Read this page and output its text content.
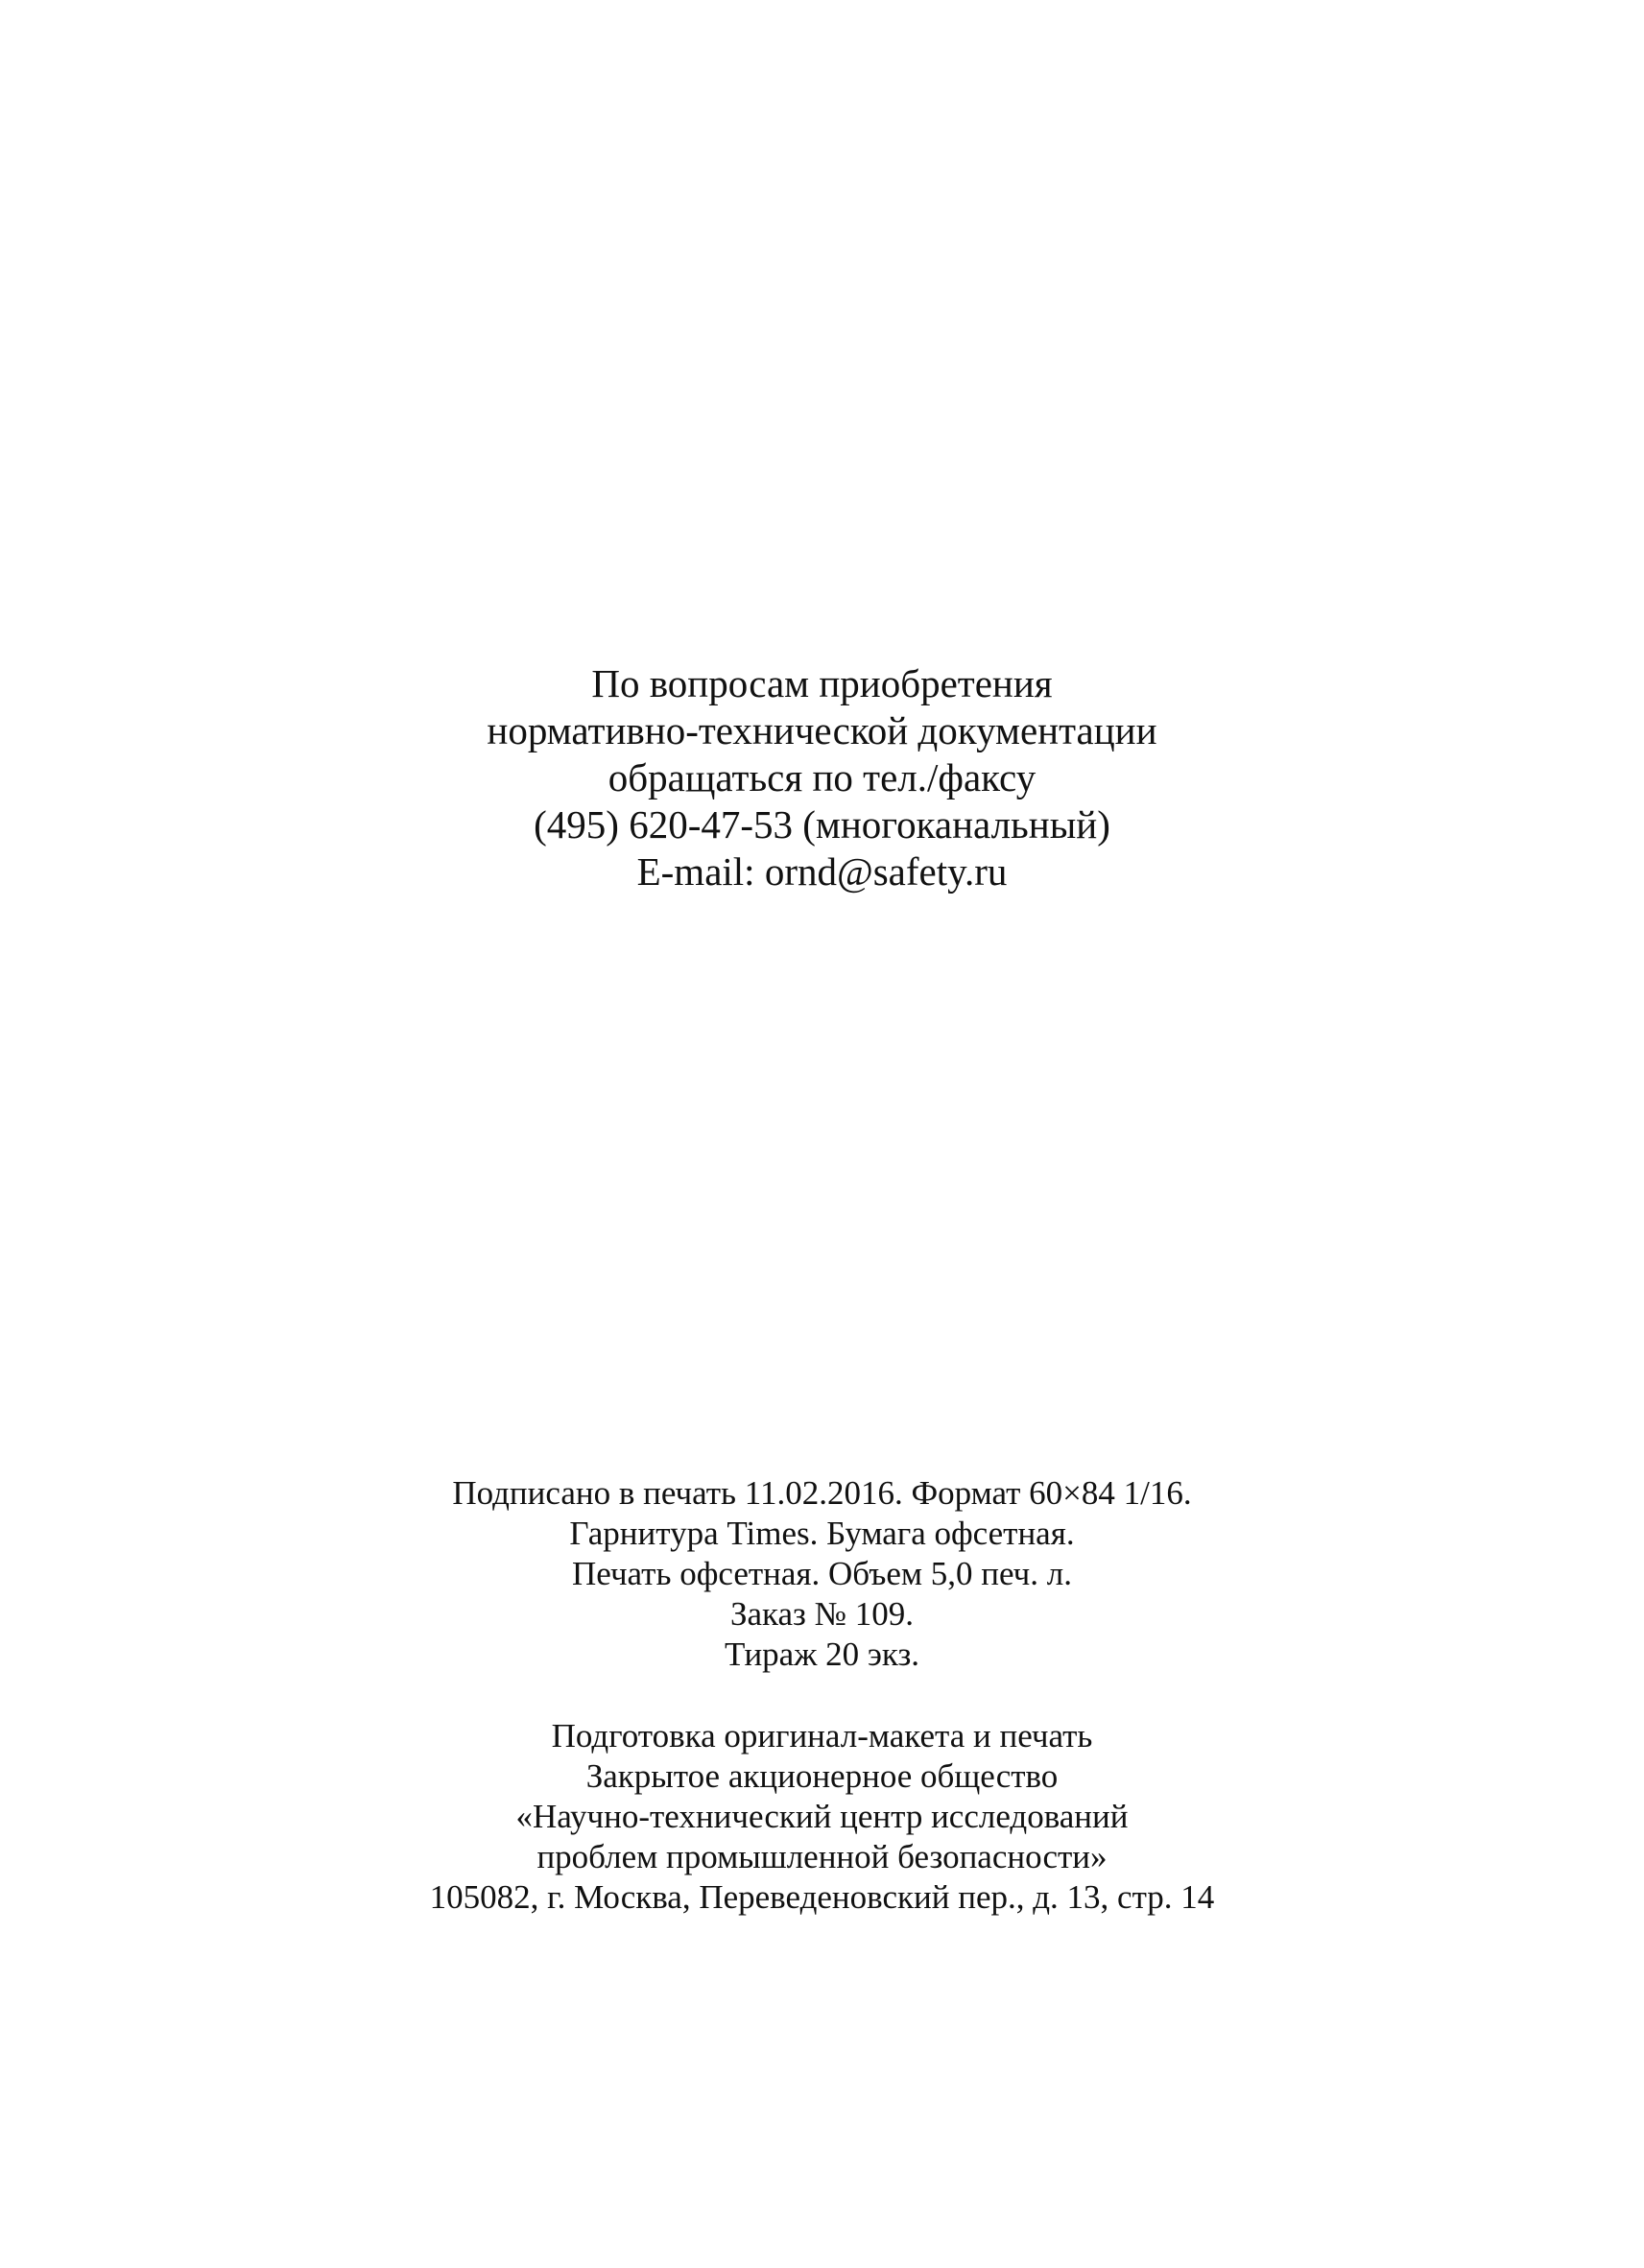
По вопросам приобретения
нормативно-технической документации
обращаться по тел./факсу
(495) 620-47-53 (многоканальный)
E-mail: ornd@safety.ru
Подписано в печать 11.02.2016. Формат 60×84 1/16.
Гарнитура Times. Бумага офсетная.
Печать офсетная. Объем 5,0 печ. л.
Заказ № 109.
Тираж 20 экз.
Подготовка оригинал-макета и печать
Закрытое акционерное общество
«Научно-технический центр исследований
проблем промышленной безопасности»
105082, г. Москва, Переведеновский пер., д. 13, стр. 14
